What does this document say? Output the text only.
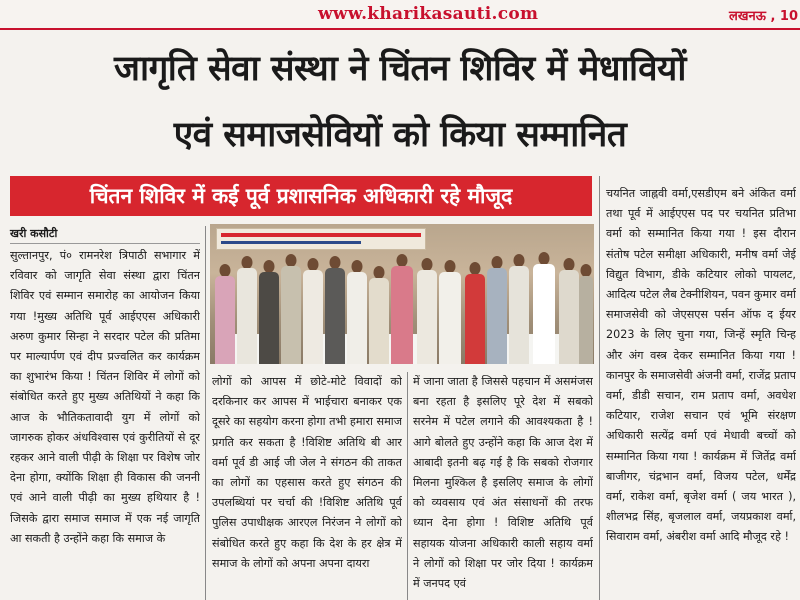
www.kharikasauti.com	लखनऊ , 10
जागृति सेवा संस्था ने चिंतन शिविर में मेधावियों
एवं समाजसेवियों को किया सम्मानित
चिंतन शिविर में कई पूर्व प्रशासनिक अधिकारी रहे मौजूद
खरी कसौटी
सुल्तानपुर, पं० रामनरेश त्रिपाठी सभागार में रविवार को जागृति सेवा संस्था द्वारा चिंतन शिविर एवं सम्मान समारोह का आयोजन किया गया !मुख्य अतिथि पूर्व आईएएस अधिकारी अरुण कुमार सिन्हा ने सरदार पटेल की प्रतिमा पर माल्यार्पण एवं दीप प्रज्वलित कर कार्यक्रम का शुभारंभ किया ! चिंतन शिविर में लोगों को संबोधित करते हुए मुख्य अतिथियों ने कहा कि आज के भौतिकतावादी युग में लोगों को जागरुक होकर अंधविश्वास एवं कुरीतियों से दूर रहकर आने वाली पीढ़ी के शिक्षा पर विशेष जोर देना होगा, क्योंकि शिक्षा ही विकास की जननी एवं आने वाली पीढ़ी का मुख्य हथियार है ! जिसके द्वारा समाज समाज में एक नई जागृति आ सकती है उन्होंने कहा कि समाज के
लोगों को आपस में छोटे-मोटे विवादों को दरकिनार कर आपस में भाईचारा बनाकर एक दूसरे का सहयोग करना होगा तभी हमारा समाज प्रगति कर सकता है !विशिष्ट अतिथि बी आर वर्मा पूर्व डी आई जी जेल ने संगठन की ताकत का लोगों का एहसास करते हुए संगठन की उपलब्धियां पर चर्चा की !विशिष्ट अतिथि पूर्व पुलिस उपाधीक्षक आरएल निरंजन ने लोगों को संबोधित करते हुए कहा कि देश के हर क्षेत्र में समाज के लोगों को अपना अपना दायरा
में जाना जाता है जिससे पहचान में असमंजस बना रहता है इसलिए पूरे देश में सबको सरनेम में पटेल लगाने की आवश्यकता है ! आगे बोलते हुए उन्होंने कहा कि आज देश में आबादी इतनी बढ़ गई है कि सबको रोजगार मिलना मुश्किल है इसलिए समाज के लोगों को व्यवसाय एवं अंत संसाधनों की तरफ ध्यान देना होगा ! विशिष्ट अतिथि पूर्व सहायक योजना अधिकारी काली सहाय वर्मा ने लोगों को शिक्षा पर जोर दिया ! कार्यक्रम में जनपद एवं
चयनित जाह्नवी वर्मा,एसडीएम बने अंकित वर्मा तथा पूर्व में आईएएस पद पर चयनित प्रतिभा वर्मा को सम्मानित किया गया ! इस दौरान संतोष पटेल समीक्षा अधिकारी, मनीष वर्मा जेई विद्युत विभाग, डीके कटियार लोको पायलट, आदित्य पटेल लैब टेक्नीशियन, पवन कुमार वर्मा समाजसेवी को जेएसएस पर्सन ऑफ द ईयर 2023 के लिए चुना गया, जिन्हें स्मृति चिन्ह और अंग वस्त्र देकर सम्मानित किया गया !कानपुर के समाजसेवी अंजनी वर्मा, राजेंद्र प्रताप वर्मा, डीडी सचान, राम प्रताप वर्मा, अवधेश कटियार, राजेश सचान एवं भूमि संरक्षण अधिकारी सत्येंद्र वर्मा एवं मेधावी बच्चों को सम्मानित किया गया ! कार्यक्रम में जितेंद्र वर्मा बाजीगर, चंद्रभान वर्मा, विजय पटेल, धर्मेंद्र वर्मा, राकेश वर्मा, बृजेश वर्मा ( जय भारत ), शीलभद्र सिंह, बृजलाल वर्मा, जयप्रकाश वर्मा, सिवाराम वर्मा, अंबरीश वर्मा आदि मौजूद रहे !
